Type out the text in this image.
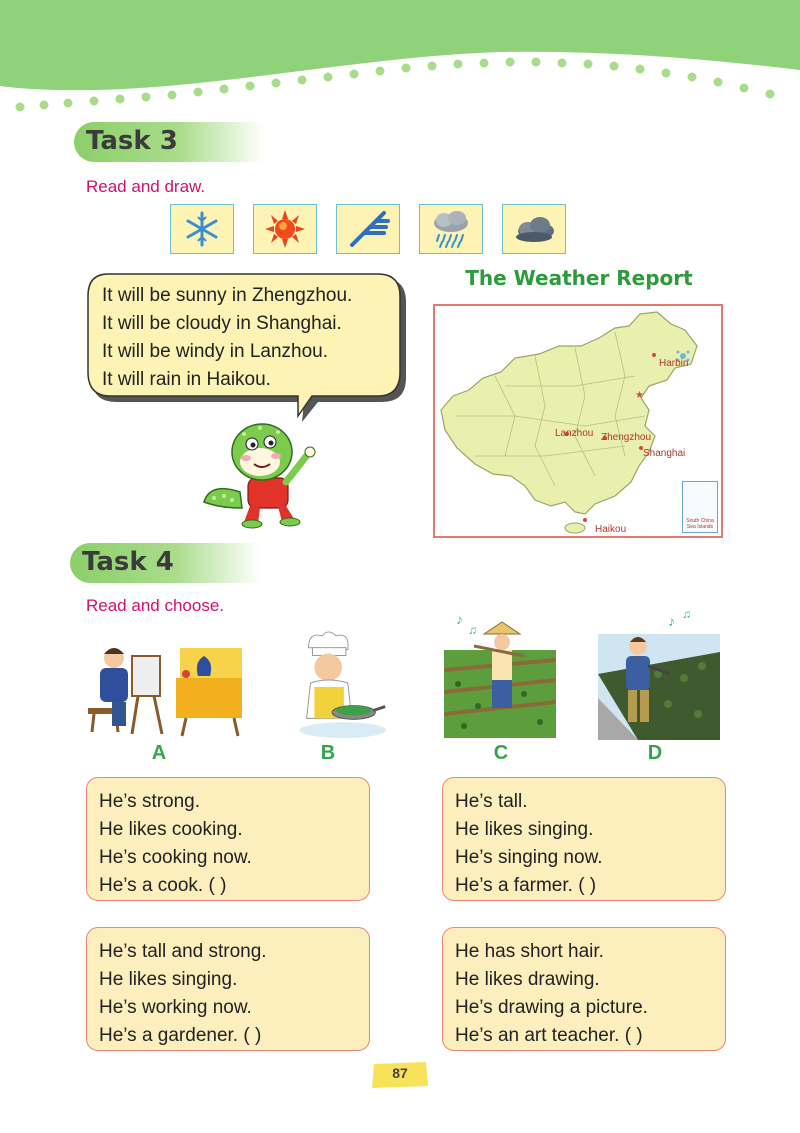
Task 3
Read and draw.
It will be sunny in Zhengzhou.
It will be cloudy in Shanghai.
It will be windy in Lanzhou.
It will rain in Haikou.
The Weather Report
★
Harbin
Lanzhou Zhengzhou
Shanghai
Haikou
South China Sea Islands
Task 4
Read and choose.
A	B
♪
♫
C
♪ ♫
D
He’s strong.
He likes cooking.
He’s cooking now.
He’s a cook. ( )
He’s tall.
He likes singing.
He’s singing now.
He’s a farmer. ( )
He’s tall and strong.
He likes singing.
He’s working now.
He’s a gardener. ( )
He has short hair.
He likes drawing.
He’s drawing a picture.
He’s an art teacher. ( )
87
